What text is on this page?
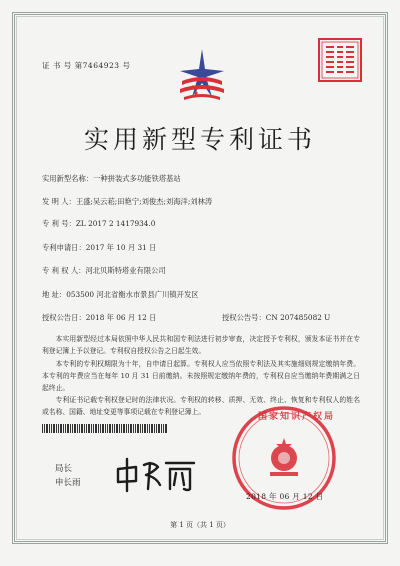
证 书 号 第7464923 号
实用新型专利证书
实用新型名称：一种拼装式多功能铁塔基站
发 明 人：王盛;吴云菘;田艳宁;刘俊杰;刘海洋;刘林涛
专 利 号：ZL 2017 2 1417934.0
专利申请日：2017 年 10 月 31 日
专 利 权 人：河北贝斯特塔业有限公司
地 址：053500 河北省衡水市景县广川镇开发区
授权公告日：2018 年 06 月 12 日	授权公告号：CN 207485082 U
本实用新型经过本局依照中华人民共和国专利法进行初步审查，决定授予专利权，颁发本证书并在专利登记簿上予以登记。专利权自授权公告之日起生效。
本专利的专利权期限为十年，自申请日起算。专利权人应当依照专利法及其实施细则规定缴纳年费。本专利的年费应当在每年 10 月 31 日前缴纳。未按照规定缴纳年费的，专利权自应当缴纳年费期满之日起终止。
专利证书记载专利权登记时的法律状况。专利权的转移、质押、无效、终止、恢复和专利权人的姓名或名称、国籍、地址变更等事项记载在专利登记簿上。
局长
申长雨
国家知识产权局
2018 年 06 月 12 日
第 1 页（共 1 页）
